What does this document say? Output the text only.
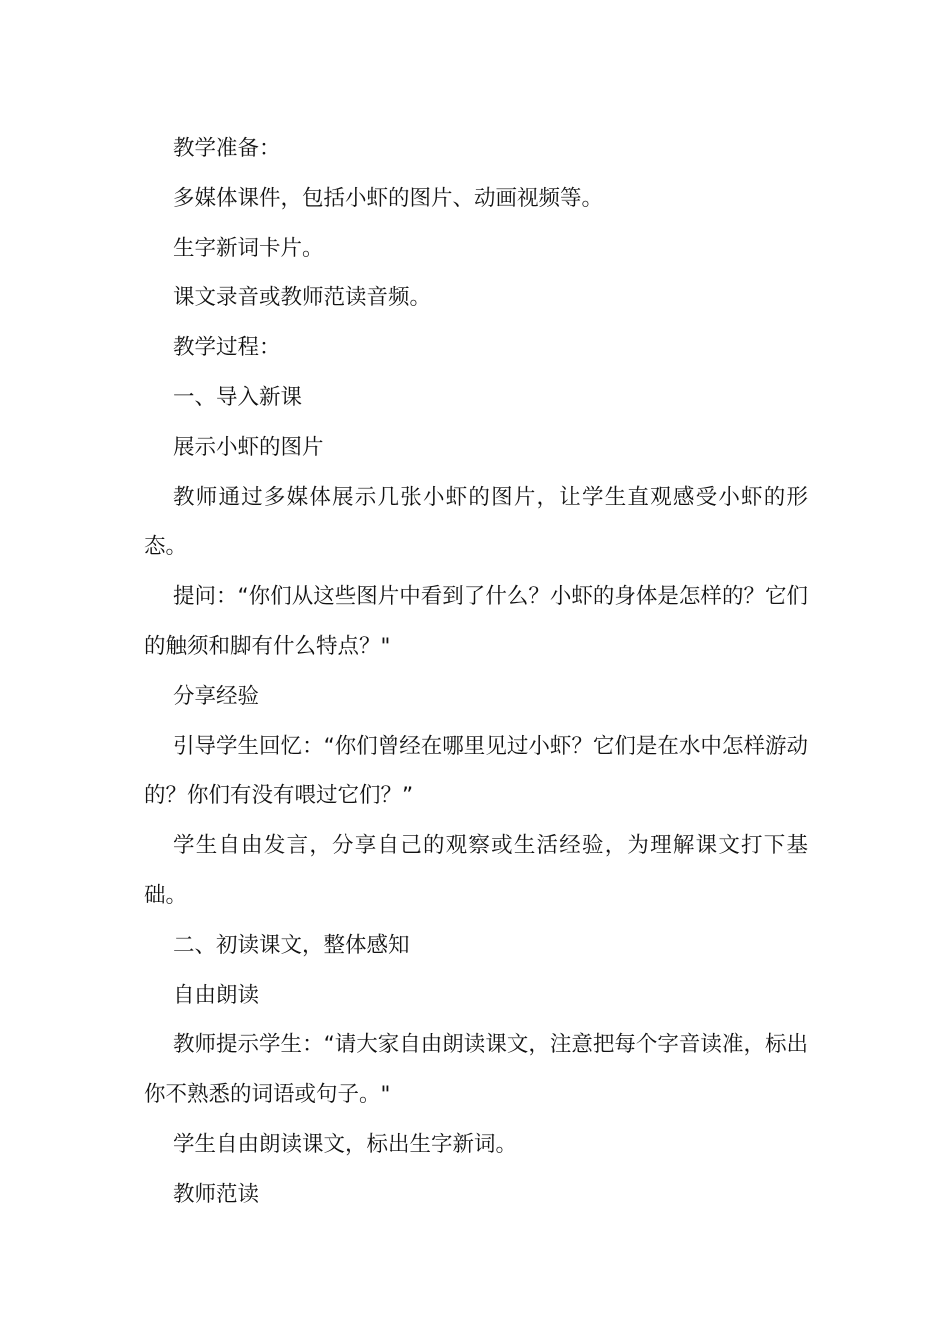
教学准备：

多媒体课件，包括小虾的图片、动画视频等。

生字新词卡片。

课文录音或教师范读音频。

教学过程：

一、导入新课

展示小虾的图片

教师通过多媒体展示几张小虾的图片，让学生直观感受小虾的形态。

提问：“你们从这些图片中看到了什么？小虾的身体是怎样的？它们的触须和脚有什么特点？"

分享经验

引导学生回忆：“你们曾经在哪里见过小虾？它们是在水中怎样游动的？你们有没有喂过它们？”

学生自由发言，分享自己的观察或生活经验，为理解课文打下基础。

二、初读课文，整体感知

自由朗读

教师提示学生：“请大家自由朗读课文，注意把每个字音读准，标出你不熟悉的词语或句子。"

学生自由朗读课文，标出生字新词。

教师范读
